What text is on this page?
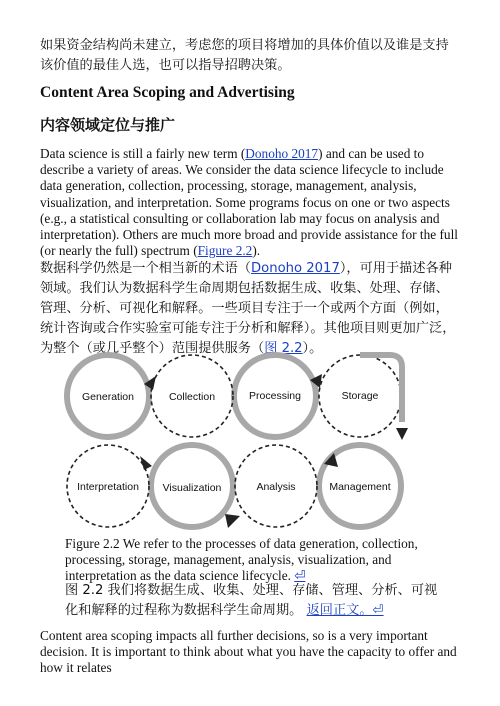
如果资金结构尚未建立，考虑您的项目将增加的具体价值以及谁是支持该价值的最佳人选，也可以指导招聘决策。
Content Area Scoping and Advertising
内容领域定位与推广
Data science is still a fairly new term (Donoho 2017) and can be used to describe a variety of areas. We consider the data science lifecycle to include data generation, collection, processing, storage, management, analysis, visualization, and interpretation. Some programs focus on one or two aspects (e.g., a statistical consulting or collaboration lab may focus on analysis and interpretation). Others are much more broad and provide assistance for the full (or nearly the full) spectrum (Figure 2.2).
数据科学仍然是一个相当新的术语（Donoho 2017），可用于描述各种领域。我们认为数据科学生命周期包括数据生成、收集、处理、存储、管理、分析、可视化和解释。一些项目专注于一个或两个方面（例如，统计咨询或合作实验室可能专注于分析和解释）。其他项目则更加广泛，为整个（或几乎整个）范围提供服务（图 2.2）。
Generation	Collection	Processing	Storage
Interpretation Visualization	Analysis	Management
Figure 2.2 We refer to the processes of data generation, collection, processing, storage, management, analysis, visualization, and interpretation as the data science lifecycle. ⏎
图 2.2 我们将数据生成、收集、处理、存储、管理、分析、可视化和解释的过程称为数据科学生命周期。 返回正文。⏎
Content area scoping impacts all further decisions, so is a very important decision. It is important to think about what you have the capacity to offer and how it relates
